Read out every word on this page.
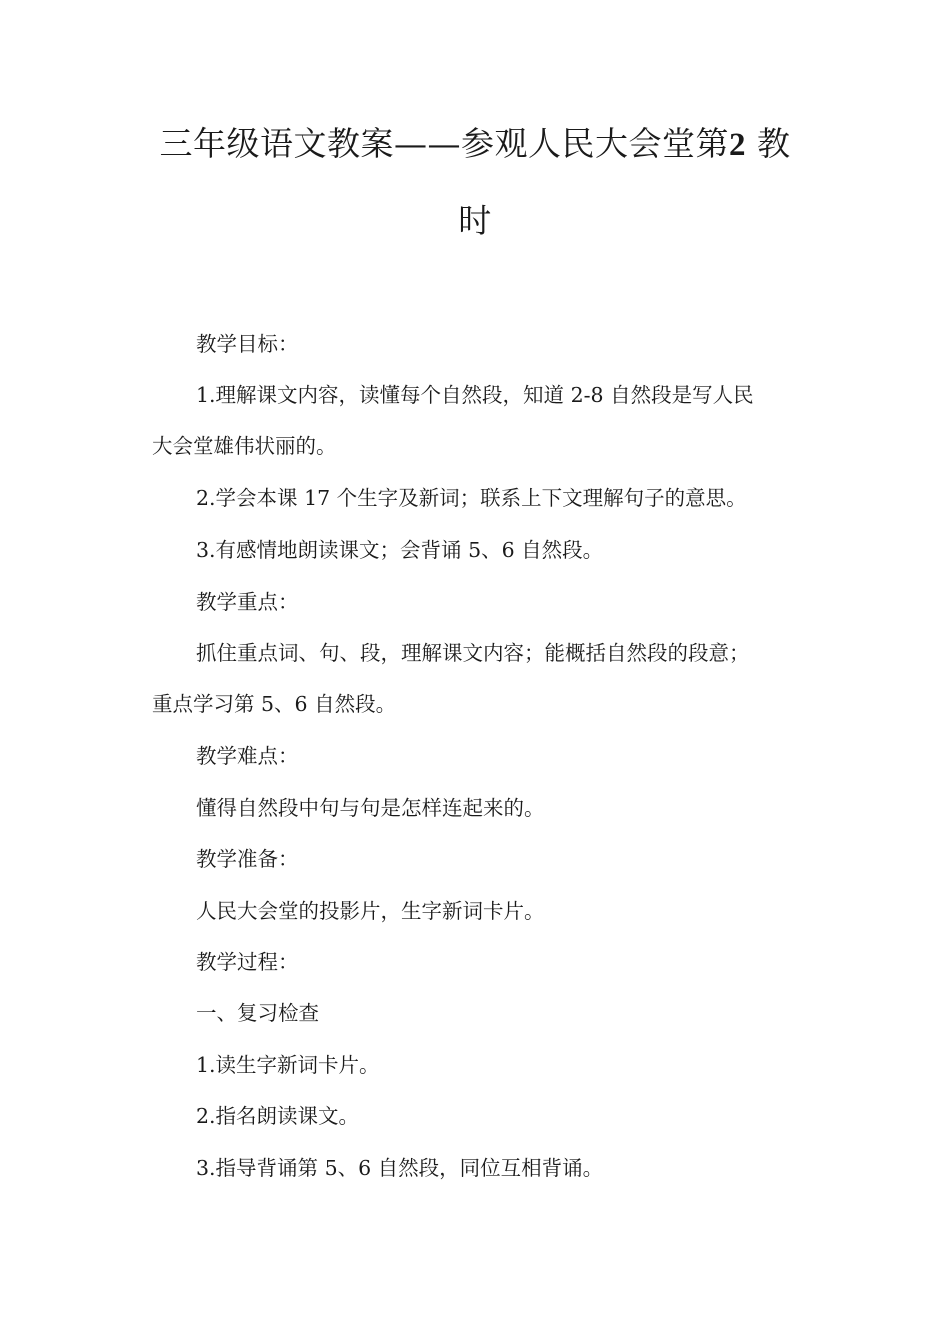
三年级语文教案——参观人民大会堂第2 教
时
教学目标：
1.理解课文内容，读懂每个自然段，知道 2-8 自然段是写人民
大会堂雄伟状丽的。
2.学会本课 17 个生字及新词；联系上下文理解句子的意思。
3.有感情地朗读课文；会背诵 5、6 自然段。
教学重点：
抓住重点词、句、段，理解课文内容；能概括自然段的段意；
重点学习第 5、6 自然段。
教学难点：
懂得自然段中句与句是怎样连起来的。
教学准备：
人民大会堂的投影片，生字新词卡片。
教学过程：
一、复习检查
1.读生字新词卡片。
2.指名朗读课文。
3.指导背诵第 5、6 自然段，同位互相背诵。
